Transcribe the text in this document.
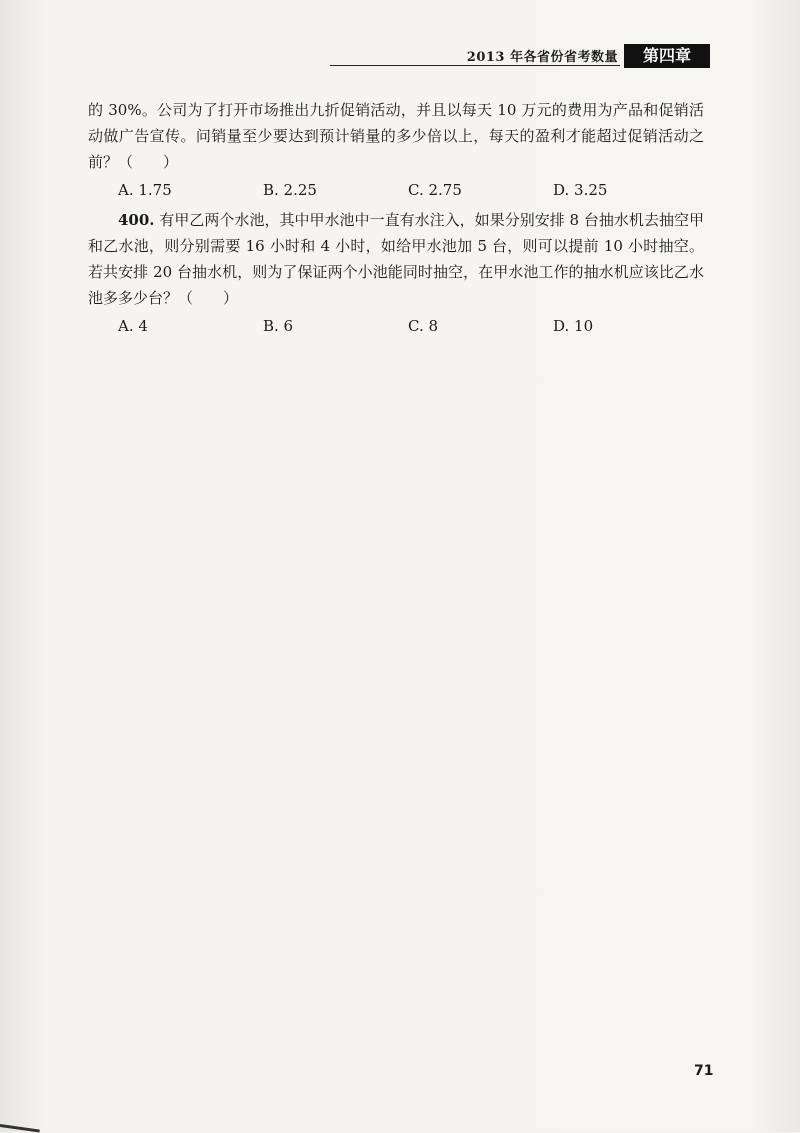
2013 年各省份省考数量	第四章

的 30%。公司为了打开市场推出九折促销活动，并且以每天 10 万元的费用为产品和促销活动做广告宣传。问销量至少要达到预计销量的多少倍以上，每天的盈利才能超过促销活动之前？（　　）

A. 1.75	B. 2.25	C. 2.75	D. 3.25

400. 有甲乙两个水池，其中甲水池中一直有水注入，如果分别安排 8 台抽水机去抽空甲和乙水池，则分别需要 16 小时和 4 小时，如给甲水池加 5 台，则可以提前 10 小时抽空。若共安排 20 台抽水机，则为了保证两个小池能同时抽空，在甲水池工作的抽水机应该比乙水池多多少台？（　　）

A. 4	B. 6	C. 8	D. 10
71
